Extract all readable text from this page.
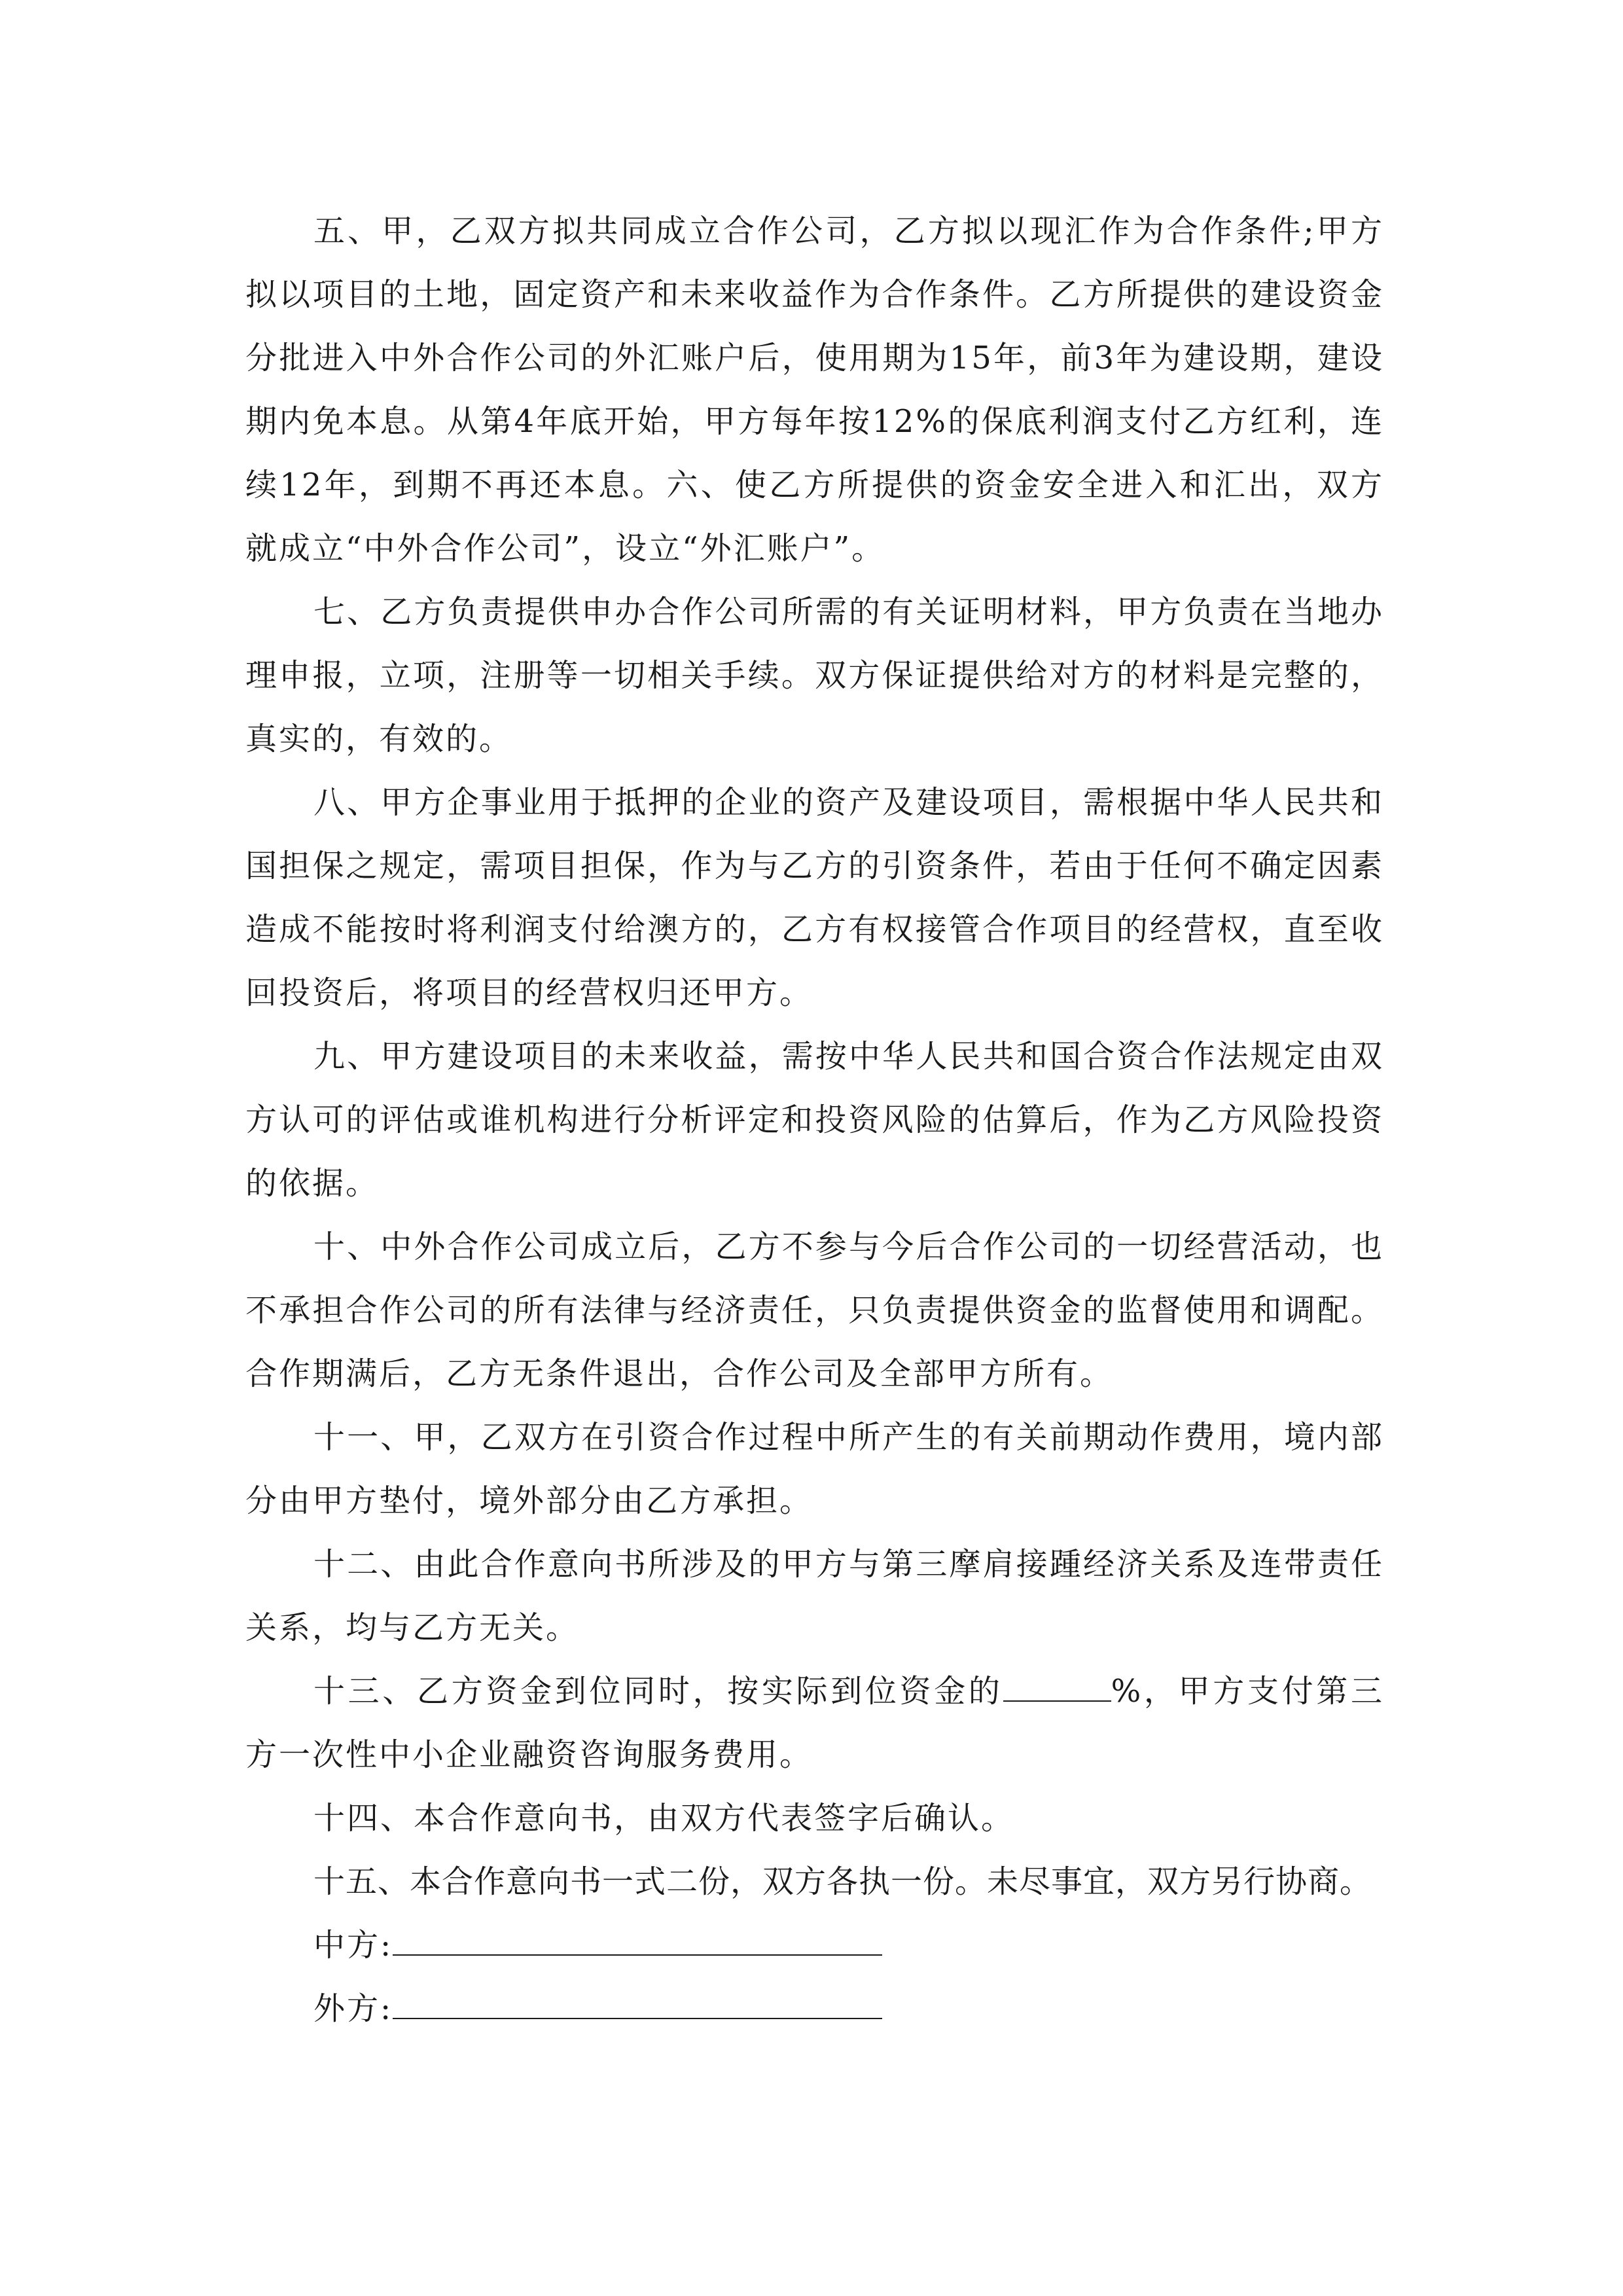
五、甲，乙双方拟共同成立合作公司，乙方拟以现汇作为合作条件;甲方拟以项目的土地，固定资产和未来收益作为合作条件。乙方所提供的建设资金分批进入中外合作公司的外汇账户后，使用期为15年，前3年为建设期，建设期内免本息。从第4年底开始，甲方每年按12%的保底利润支付乙方红利，连续12年，到期不再还本息。六、使乙方所提供的资金安全进入和汇出，双方就成立“中外合作公司”，设立“外汇账户”。

七、乙方负责提供申办合作公司所需的有关证明材料，甲方负责在当地办理申报，立项，注册等一切相关手续。双方保证提供给对方的材料是完整的，真实的，有效的。

八、甲方企事业用于抵押的企业的资产及建设项目，需根据中华人民共和国担保之规定，需项目担保，作为与乙方的引资条件，若由于任何不确定因素造成不能按时将利润支付给澳方的，乙方有权接管合作项目的经营权，直至收回投资后，将项目的经营权归还甲方。

九、甲方建设项目的未来收益，需按中华人民共和国合资合作法规定由双方认可的评估或谁机构进行分析评定和投资风险的估算后，作为乙方风险投资的依据。

十、中外合作公司成立后，乙方不参与今后合作公司的一切经营活动，也不承担合作公司的所有法律与经济责任，只负责提供资金的监督使用和调配。合作期满后，乙方无条件退出，合作公司及全部甲方所有。

十一、甲，乙双方在引资合作过程中所产生的有关前期动作费用，境内部分由甲方垫付，境外部分由乙方承担。

十二、由此合作意向书所涉及的甲方与第三摩肩接踵经济关系及连带责任关系，均与乙方无关。

十三、乙方资金到位同时，按实际到位资金的	%，甲方支付第三方一次性中小企业融资咨询服务费用。

十四、本合作意向书，由双方代表签字后确认。

十五、本合作意向书一式二份，双方各执一份。未尽事宜，双方另行协商。

中方:

外方:
